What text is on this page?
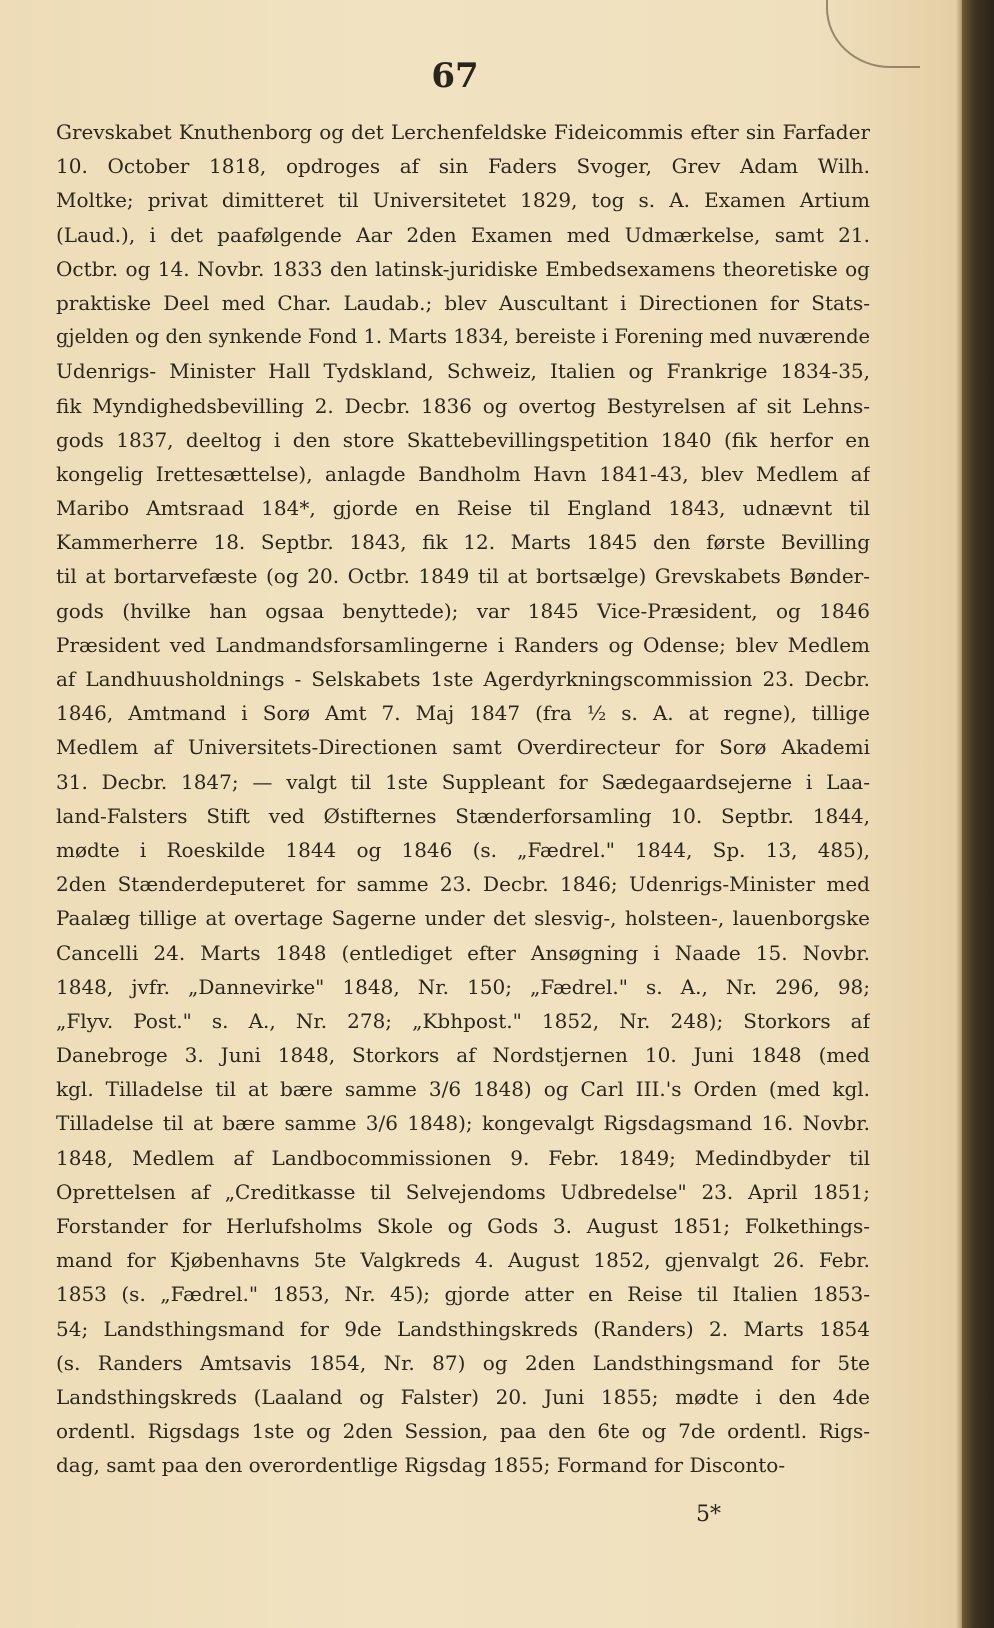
67
Grevskabet Knuthenborg og det Lerchenfeldske Fideicommis efter sin Farfader
10. October 1818, opdroges af sin Faders Svoger, Grev Adam Wilh.
Moltke; privat dimitteret til Universitetet 1829, tog s. A. Examen Artium
(Laud.), i det paafølgende Aar 2den Examen med Udmærkelse, samt 21.
Octbr. og 14. Novbr. 1833 den latinsk-juridiske Embedsexamens theoretiske og
praktiske Deel med Char. Laudab.; blev Auscultant i Directionen for Stats-
gjelden og den synkende Fond 1. Marts 1834, bereiste i Forening med nuværende
Udenrigs- Minister Hall Tydskland, Schweiz, Italien og Frankrige 1834-35,
fik Myndighedsbevilling 2. Decbr. 1836 og overtog Bestyrelsen af sit Lehns-
gods 1837, deeltog i den store Skattebevillingspetition 1840 (fik herfor en
kongelig Irettesættelse), anlagde Bandholm Havn 1841-43, blev Medlem af
Maribo Amtsraad 184*, gjorde en Reise til England 1843, udnævnt til
Kammerherre 18. Septbr. 1843, fik 12. Marts 1845 den første Bevilling
til at bortarvefæste (og 20. Octbr. 1849 til at bortsælge) Grevskabets Bønder-
gods (hvilke han ogsaa benyttede); var 1845 Vice-Præsident, og 1846
Præsident ved Landmandsforsamlingerne i Randers og Odense; blev Medlem
af Landhuusholdnings - Selskabets 1ste Agerdyrkningscommission 23. Decbr.
1846, Amtmand i Sorø Amt 7. Maj 1847 (fra ½ s. A. at regne), tillige
Medlem af Universitets-Directionen samt Overdirecteur for Sorø Akademi
31. Decbr. 1847; — valgt til 1ste Suppleant for Sædegaardsejerne i Laa-
land-Falsters Stift ved Østifternes Stænderforsamling 10. Septbr. 1844,
mødte i Roeskilde 1844 og 1846 (s. „Fædrel." 1844, Sp. 13, 485),
2den Stænderdeputeret for samme 23. Decbr. 1846; Udenrigs-Minister med
Paalæg tillige at overtage Sagerne under det slesvig-, holsteen-, lauenborgske
Cancelli 24. Marts 1848 (entlediget efter Ansøgning i Naade 15. Novbr.
1848, jvfr. „Dannevirke" 1848, Nr. 150; „Fædrel." s. A., Nr. 296, 98;
„Flyv. Post." s. A., Nr. 278; „Kbhpost." 1852, Nr. 248); Storkors af
Danebroge 3. Juni 1848, Storkors af Nordstjernen 10. Juni 1848 (med
kgl. Tilladelse til at bære samme 3/6 1848) og Carl III.'s Orden (med kgl.
Tilladelse til at bære samme 3/6 1848); kongevalgt Rigsdagsmand 16. Novbr.
1848, Medlem af Landbocommissionen 9. Febr. 1849; Medindbyder til
Oprettelsen af „Creditkasse til Selvejendoms Udbredelse" 23. April 1851;
Forstander for Herlufsholms Skole og Gods 3. August 1851; Folkethings-
mand for Kjøbenhavns 5te Valgkreds 4. August 1852, gjenvalgt 26. Febr.
1853 (s. „Fædrel." 1853, Nr. 45); gjorde atter en Reise til Italien 1853-
54; Landsthingsmand for 9de Landsthingskreds (Randers) 2. Marts 1854
(s. Randers Amtsavis 1854, Nr. 87) og 2den Landsthingsmand for 5te
Landsthingskreds (Laaland og Falster) 20. Juni 1855; mødte i den 4de
ordentl. Rigsdags 1ste og 2den Session, paa den 6te og 7de ordentl. Rigs-
dag, samt paa den overordentlige Rigsdag 1855; Formand for Disconto-
5*
